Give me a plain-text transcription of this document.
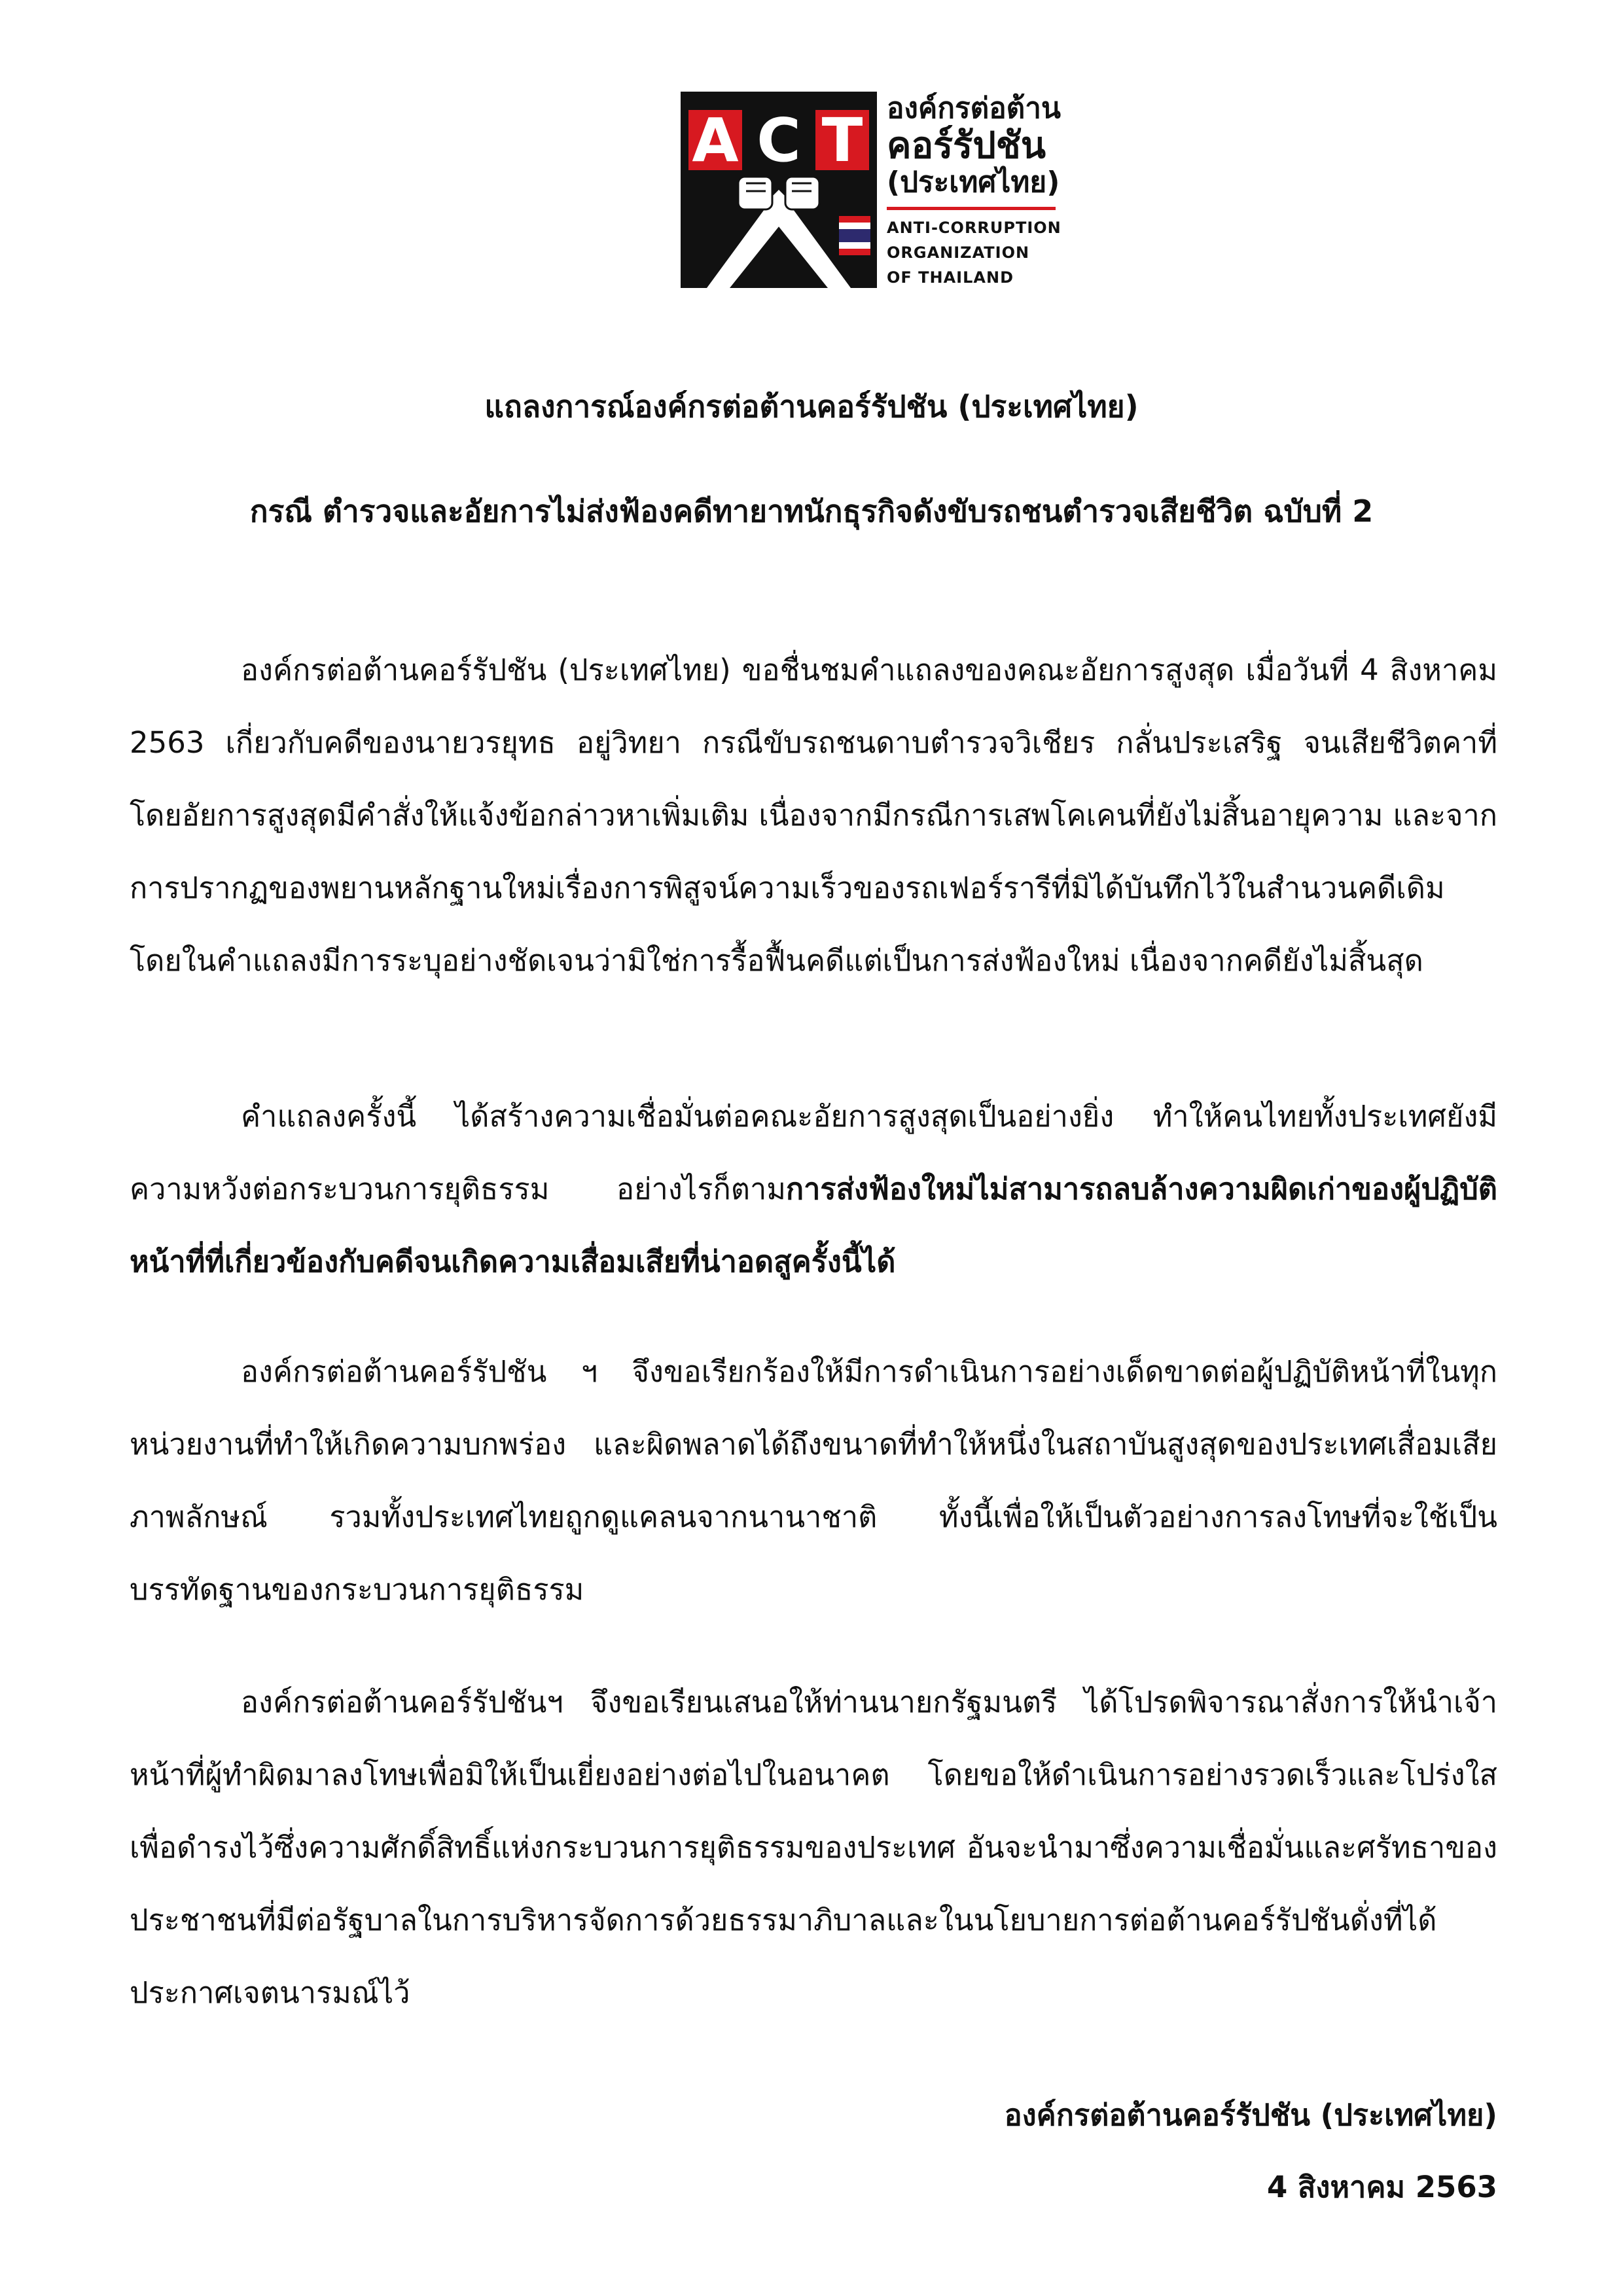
A C T องค์กรต่อต้าน
คอร์รัปชัน
(ประเทศไทย)
ANTI-CORRUPTION
ORGANIZATION
OF THAILAND
แถลงการณ์องค์กรต่อต้านคอร์รัปชัน (ประเทศไทย)
กรณี ตำรวจและอัยการไม่ส่งฟ้องคดีทายาทนักธุรกิจดังขับรถชนตำรวจเสียชีวิต ฉบับที่ 2
องค์กรต่อต้านคอร์รัปชัน (ประเทศไทย) ขอชื่นชมคำแถลงของคณะอัยการสูงสุด เมื่อวันที่ 4 สิงหาคม 2563 เกี่ยวกับคดีของนายวรยุทธ อยู่วิทยา กรณีขับรถชนดาบตำรวจวิเชียร กลั่นประเสริฐ จนเสียชีวิตคาที่ โดยอัยการสูงสุดมีคำสั่งให้แจ้งข้อกล่าวหาเพิ่มเติม เนื่องจากมีกรณีการเสพโคเคนที่ยังไม่สิ้นอายุความ และจากการปรากฏของพยานหลักฐานใหม่เรื่องการพิสูจน์ความเร็วของรถเฟอร์รารีที่มิได้บันทึกไว้ในสำนวนคดีเดิม โดยในคำแถลงมีการระบุอย่างชัดเจนว่ามิใช่การรื้อฟื้นคดีแต่เป็นการส่งฟ้องใหม่ เนื่องจากคดียังไม่สิ้นสุด
คำแถลงครั้งนี้ ได้สร้างความเชื่อมั่นต่อคณะอัยการสูงสุดเป็นอย่างยิ่ง ทำให้คนไทยทั้งประเทศยังมีความหวังต่อกระบวนการยุติธรรม อย่างไรก็ตามการส่งฟ้องใหม่ไม่สามารถลบล้างความผิดเก่าของผู้ปฏิบัติหน้าที่ที่เกี่ยวข้องกับคดีจนเกิดความเสื่อมเสียที่น่าอดสูครั้งนี้ได้
องค์กรต่อต้านคอร์รัปชัน ฯ จึงขอเรียกร้องให้มีการดำเนินการอย่างเด็ดขาดต่อผู้ปฏิบัติหน้าที่ในทุกหน่วยงานที่ทำให้เกิดความบกพร่อง และผิดพลาดได้ถึงขนาดที่ทำให้หนึ่งในสถาบันสูงสุดของประเทศเสื่อมเสียภาพลักษณ์ รวมทั้งประเทศไทยถูกดูแคลนจากนานาชาติ ทั้งนี้เพื่อให้เป็นตัวอย่างการลงโทษที่จะใช้เป็นบรรทัดฐานของกระบวนการยุติธรรม
องค์กรต่อต้านคอร์รัปชันฯ จึงขอเรียนเสนอให้ท่านนายกรัฐมนตรี ได้โปรดพิจารณาสั่งการให้นำเจ้าหน้าที่ผู้ทำผิดมาลงโทษเพื่อมิให้เป็นเยี่ยงอย่างต่อไปในอนาคต โดยขอให้ดำเนินการอย่างรวดเร็วและโปร่งใสเพื่อดำรงไว้ซึ่งความศักดิ์สิทธิ์แห่งกระบวนการยุติธรรมของประเทศ อันจะนำมาซึ่งความเชื่อมั่นและศรัทธาของประชาชนที่มีต่อรัฐบาลในการบริหารจัดการด้วยธรรมาภิบาลและในนโยบายการต่อต้านคอร์รัปชันดั่งที่ได้ประกาศเจตนารมณ์ไว้
องค์กรต่อต้านคอร์รัปชัน (ประเทศไทย)
4 สิงหาคม 2563
